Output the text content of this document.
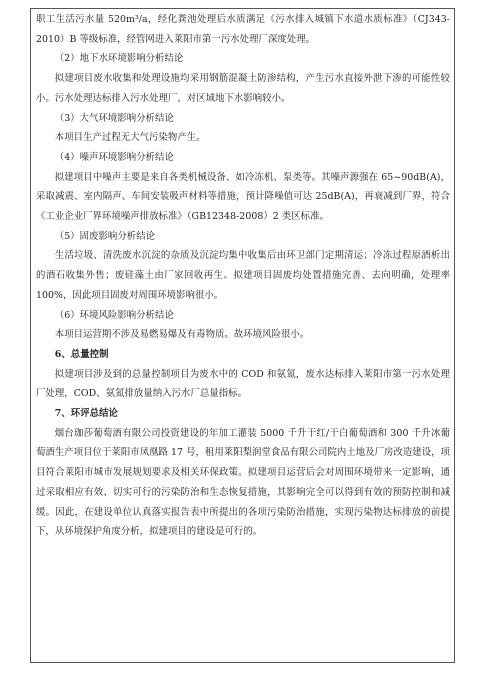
职工生活污水量 520m³/a，经化粪池处理后水质满足《污水排入城镇下水道水质标准》（CJ343-2010）B 等级标准，经管网进入莱阳市第一污水处理厂深度处理。

（2）地下水环境影响分析结论

拟建项目废水收集和处理设施均采用钢筋混凝土防渗结构，产生污水直接外泄下渗的可能性较小。污水处理达标排入污水处理厂，对区域地下水影响较小。

（3）大气环境影响分析结论

本项目生产过程无大气污染物产生。

（4）噪声环境影响分析结论

拟建项目中噪声主要是来自各类机械设备、如冷冻机、泵类等。其噪声源强在 65~90dB(A)，采取减震、室内隔声、车间安装吸声材料等措施，预计降噪值可达 25dB(A)，再衰减到厂界，符合《工业企业厂界环境噪声排放标准》（GB12348-2008）2 类区标准。

（5）固废影响分析结论

生活垃圾、清洗废水沉淀的杂质及沉淀均集中收集后由环卫部门定期清运；冷冻过程原酒析出的酒石收集外售；废硅藻土由厂家回收再生。拟建项目固废均处置措施完善、去向明确，处理率 100%，因此项目固废对周围环境影响很小。

（6）环境风险影响分析结论

本项目运营期不涉及易燃易爆及有毒物质。故环境风险很小。

6、总量控制

拟建项目涉及到的总量控制项目为废水中的 COD 和氨氮，废水达标排入莱阳市第一污水处理厂处理，COD、氨氮排放量纳入污水厂总量指标。

7、环评总结论

烟台珈莎葡萄酒有限公司投资建设的年加工灌装 5000 千升干红/干白葡萄酒和 300 千升冰葡萄酒生产项目位于莱阳市凤凰路 17 号，租用莱阳梨润堂食品有限公司院内土地及厂房改造建设，项目符合莱阳市城市发展规划要求及相关环保政策。拟建项目运营后会对周围环境带来一定影响，通过采取相应有效、切实可行的污染防治和生态恢复措施，其影响完全可以得到有效的预防控制和减缓。因此，在建设单位认真落实报告表中所提出的各项污染防治措施，实现污染物达标排放的前提下，从环境保护角度分析，拟建项目的建设是可行的。
